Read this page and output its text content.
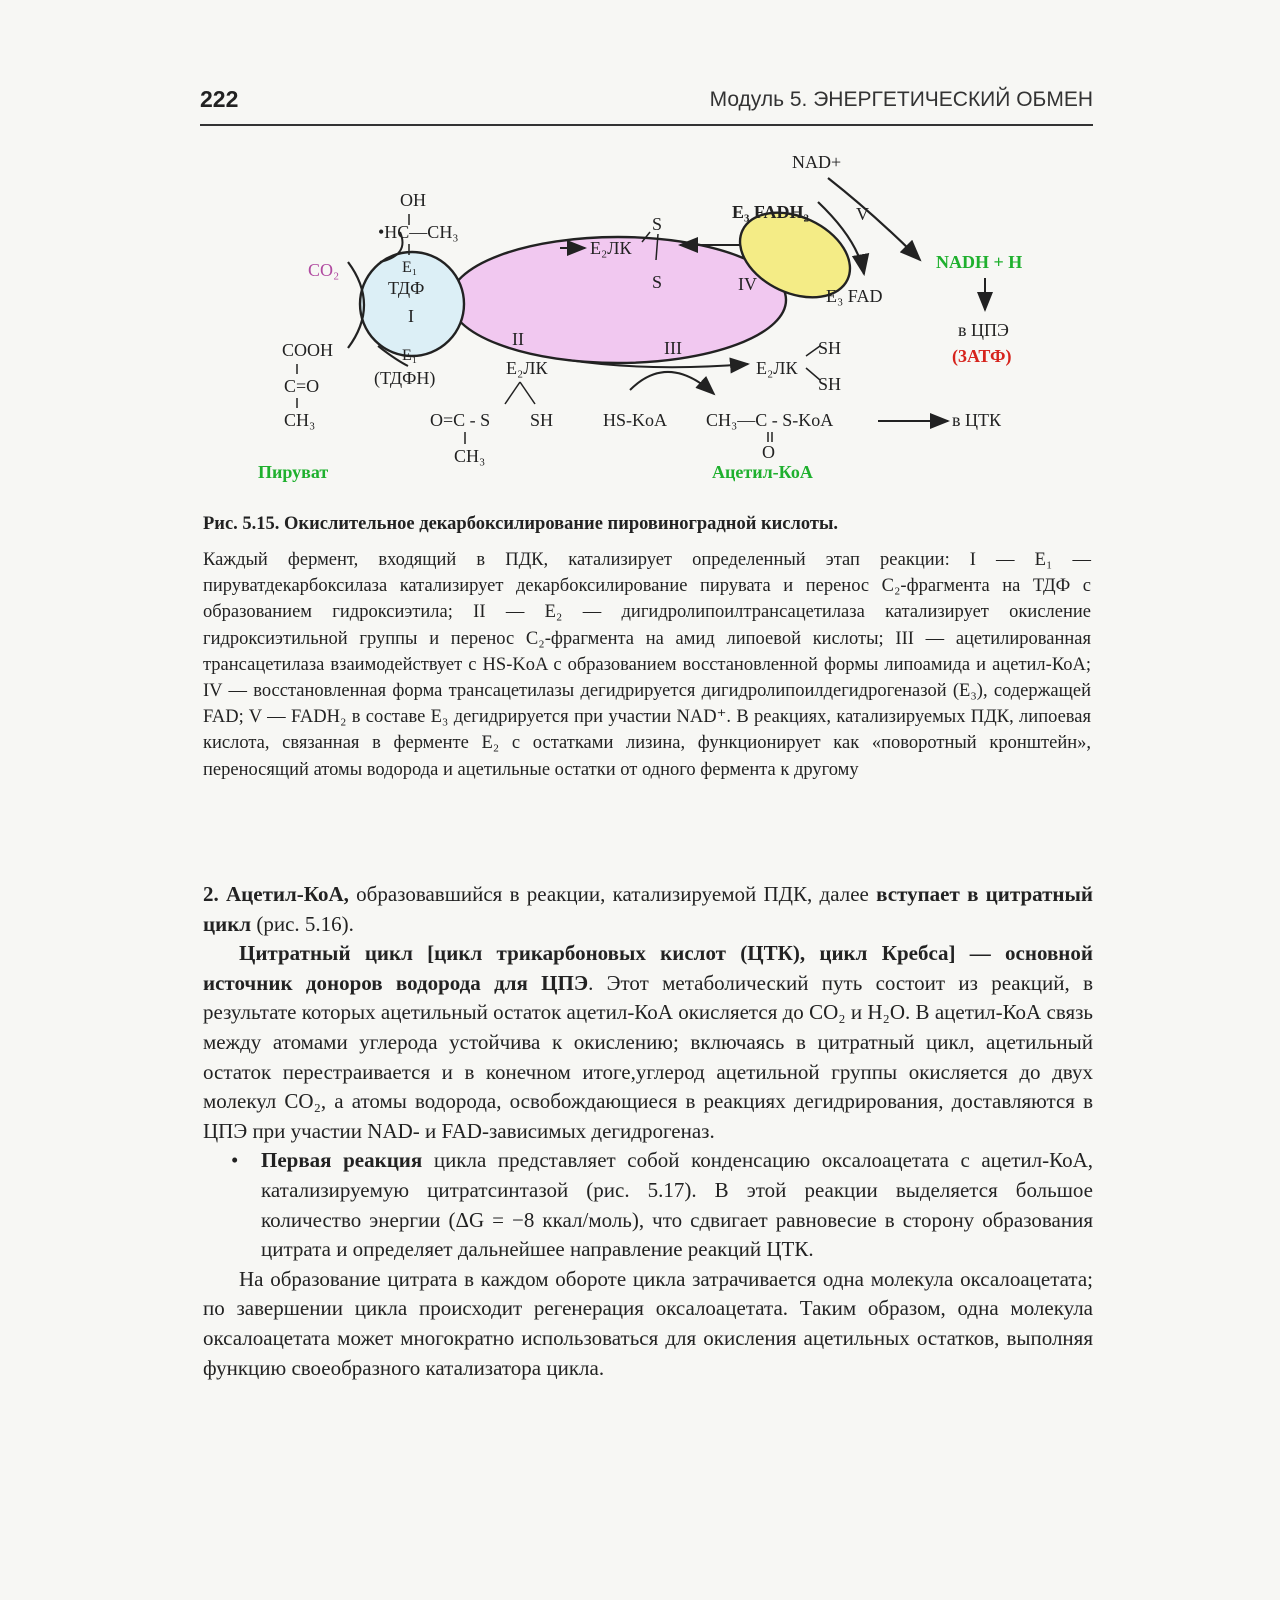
222	Модуль 5. ЭНЕРГЕТИЧЕСКИЙ ОБМЕН
NAD+
OH
•HC—CH₃
E₁
ТДФ
I
E₁
(ТДФН)
CO₂
COOH
C=O
CH₃
Пируват
E₂ЛК
S
S
II
E₂ЛК
O=C - S
CH₃
SH
III
HS-KoA CH₃—C - S-KoA
O
Ацетил-КоА
в ЦТК
E₂ЛК
SH
SH
IV
E₃ FADH₂	V
E₃ FAD
NADH + H
в ЦПЭ
(3АТФ)
Рис. 5.15. Окислительное декарбоксилирование пировиноградной кислоты.
Каждый фермент, входящий в ПДК, катализирует определенный этап реакции: I — E₁ — пируватдекарбоксилаза катализирует декарбоксилирование пирувата и перенос C₂-фрагмента на ТДФ с образованием гидроксиэтила; II — E₂ — дигидролипоилтрансацетилаза катализирует окисление гидроксиэтильной группы и перенос C₂-фрагмента на амид липоевой кислоты; III — ацетилированная трансацетилаза взаимодействует с HS-KoA с образованием восстановленной формы липоамида и ацетил-КоА; IV — восстановленная форма трансацетилазы дегидрируется дигидролипоилдегидрогеназой (E₃), содержащей FAD; V — FADH₂ в составе E₃ дегидрируется при участии NAD⁺. В реакциях, катализируемых ПДК, липоевая кислота, связанная в ферменте E₂ с остатками лизина, функционирует как «поворотный кронштейн», переносящий атомы водорода и ацетильные остатки от одного фермента к другому

2. Ацетил-КоА, образовавшийся в реакции, катализируемой ПДК, далее вступает в цитратный цикл (рис. 5.16).

Цитратный цикл [цикл трикарбоновых кислот (ЦТК), цикл Кребса] — основной источник доноров водорода для ЦПЭ. Этот метаболический путь состоит из реакций, в результате которых ацетильный остаток ацетил-КоА окисляется до CO₂ и H₂O. В ацетил-КоА связь между атомами углерода устойчива к окислению; включаясь в цитратный цикл, ацетильный остаток перестраивается и в конечном итоге,углерод ацетильной группы окисляется до двух молекул CO₂, а атомы водорода, освобождающиеся в реакциях дегидрирования, доставляются в ЦПЭ при участии NAD- и FAD-зависимых дегидрогеназ.

• Первая реакция цикла представляет собой конденсацию оксалоацетата с ацетил-КоА, катализируемую цитратсинтазой (рис. 5.17). В этой реакции выделяется большое количество энергии (ΔG = −8 ккал/моль), что сдвигает равновесие в сторону образования цитрата и определяет дальнейшее направление реакций ЦТК.

На образование цитрата в каждом обороте цикла затрачивается одна молекула оксалоацетата; по завершении цикла происходит регенерация оксалоацетата. Таким образом, одна молекула оксалоацетата может многократно использоваться для окисления ацетильных остатков, выполняя функцию своеобразного катализатора цикла.
